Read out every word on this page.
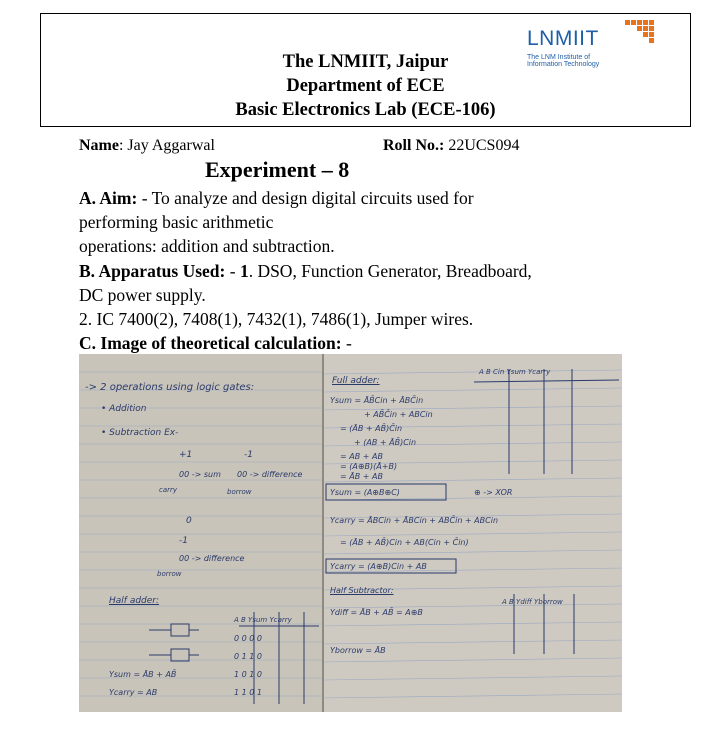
The LNMIIT, Jaipur
Department of ECE
Basic Electronics Lab (ECE-106)
LNMIIT
The LNM Institute of
Information Technology
Name: Jay Aggarwal	Roll No.: 22UCS094
Experiment – 8
A. Aim: - To analyze and design digital circuits used for
performing basic arithmetic
operations: addition and subtraction.
B. Apparatus Used: - 1. DSO, Function Generator, Breadboard,
DC power supply.
2. IC 7400(2), 7408(1), 7432(1), 7486(1), Jumper wires.
C. Image of theoretical calculation: -
-> 2 operations using logic gates:
• Addition
• Subtraction Ex-
+1	-1
00 -> sum 00 -> difference
carry	borrow
0
-1
00 -> difference
borrow
Half adder:
A B Ysum Ycarry
0 0 0 0
0 1 1 0
1 0 1 0
1 1 0 1
Ysum = ĀB + AB̄
Ycarry = AB
Full adder:
A B Cin Ysum Ycarry
Ysum = ĀB̄Cin + ĀBC̄in
+ AB̄C̄in + ABCin
= (ĀB + AB̄)C̄in
+ (AB + ĀB̄)Cin
= AB + AB
= (A⊕B)(Ā+B)
= ĀB + AB
Ysum = (A⊕B⊕C)	⊕ -> XOR
Ycarry = ĀBCin + ĀBCin + ABC̄in + ABCin
= (ĀB + AB̄)Cin + AB(Cin + C̄in)
Ycarry = (A⊕B)Cin + AB
Half Subtractor:
Ydiff = ĀB + AB̄ = A⊕B
Yborrow = ĀB
A B Ydiff Yborrow
